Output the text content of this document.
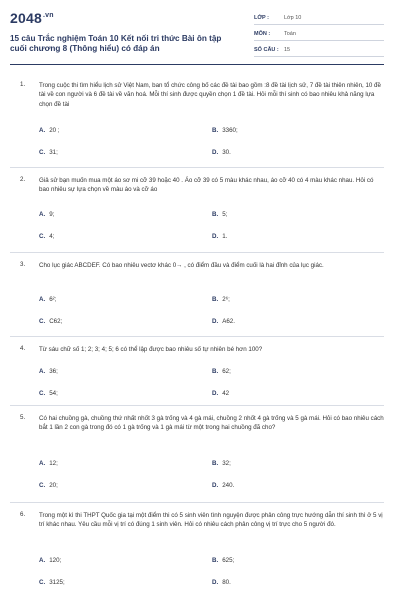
$2048^{.vn}$
15 câu Trắc nghiệm Toán 10 Kết nối tri thức Bài ôn tập cuối chương 8 (Thông hiểu) có đáp án
LỚP :	Lớp 10
MÔN :	Toán
SỐ CÂU : 15
1. Trong cuộc thi tìm hiểu lịch sử Việt Nam, ban tổ chức công bố các đề tài bao gồm :8 đề tài lịch sử, 7 đề tài thiên nhiên, 10 đề tài về con người và 6 đề tài về văn hoá. Mỗi thí sinh được quyền chọn 1 đề tài. Hỏi mỗi thí sinh có bao nhiêu khả năng lựa chọn đề tài
A. 20 ;	B. 3360;
C. 31;	D. 30.
2. Giả sử bạn muốn mua một áo sơ mi cỡ 39 hoặc 40 . Áo cỡ 39 có 5 màu khác nhau, áo cỡ 40 có 4 màu khác nhau. Hỏi có bao nhiêu sự lựa chọn về màu áo và cỡ áo
A. 9;	B. 5;
C. 4;	D. 1.
3. Cho lục giác ABCDEF. Có bao nhiêu vectơ khác 0→ , có điểm đầu và điểm cuối là hai đỉnh của lục giác.
A. 6²;	B. 2⁶;
C. C62;	D. A62.
4. Từ sáu chữ số 1; 2; 3; 4; 5; 6 có thể lập được bao nhiêu số tự nhiên bé hơn 100?
A. 36;	B. 62;
C. 54;	D. 42
5. Có hai chuồng gà, chuồng thứ nhất nhốt 3 gà trống và 4 gà mái, chuồng 2 nhốt 4 gà trống và 5 gà mái. Hỏi có bao nhiêu cách bắt 1 lần 2 con gà trong đó có 1 gà trống và 1 gà mái từ một trong hai chuồng đã cho?
A. 12;	B. 32;
C. 20;	D. 240.
6. Trong một kì thi THPT Quốc gia tại một điểm thi có 5 sinh viên tình nguyện được phân công trực hướng dẫn thí sinh thì ở 5 vị trí khác nhau. Yêu cầu mỗi vị trí có đúng 1 sinh viên. Hỏi có nhiêu cách phân công vị trí trực cho 5 người đó.
A. 120;	B. 625;
C. 3125;	D. 80.
